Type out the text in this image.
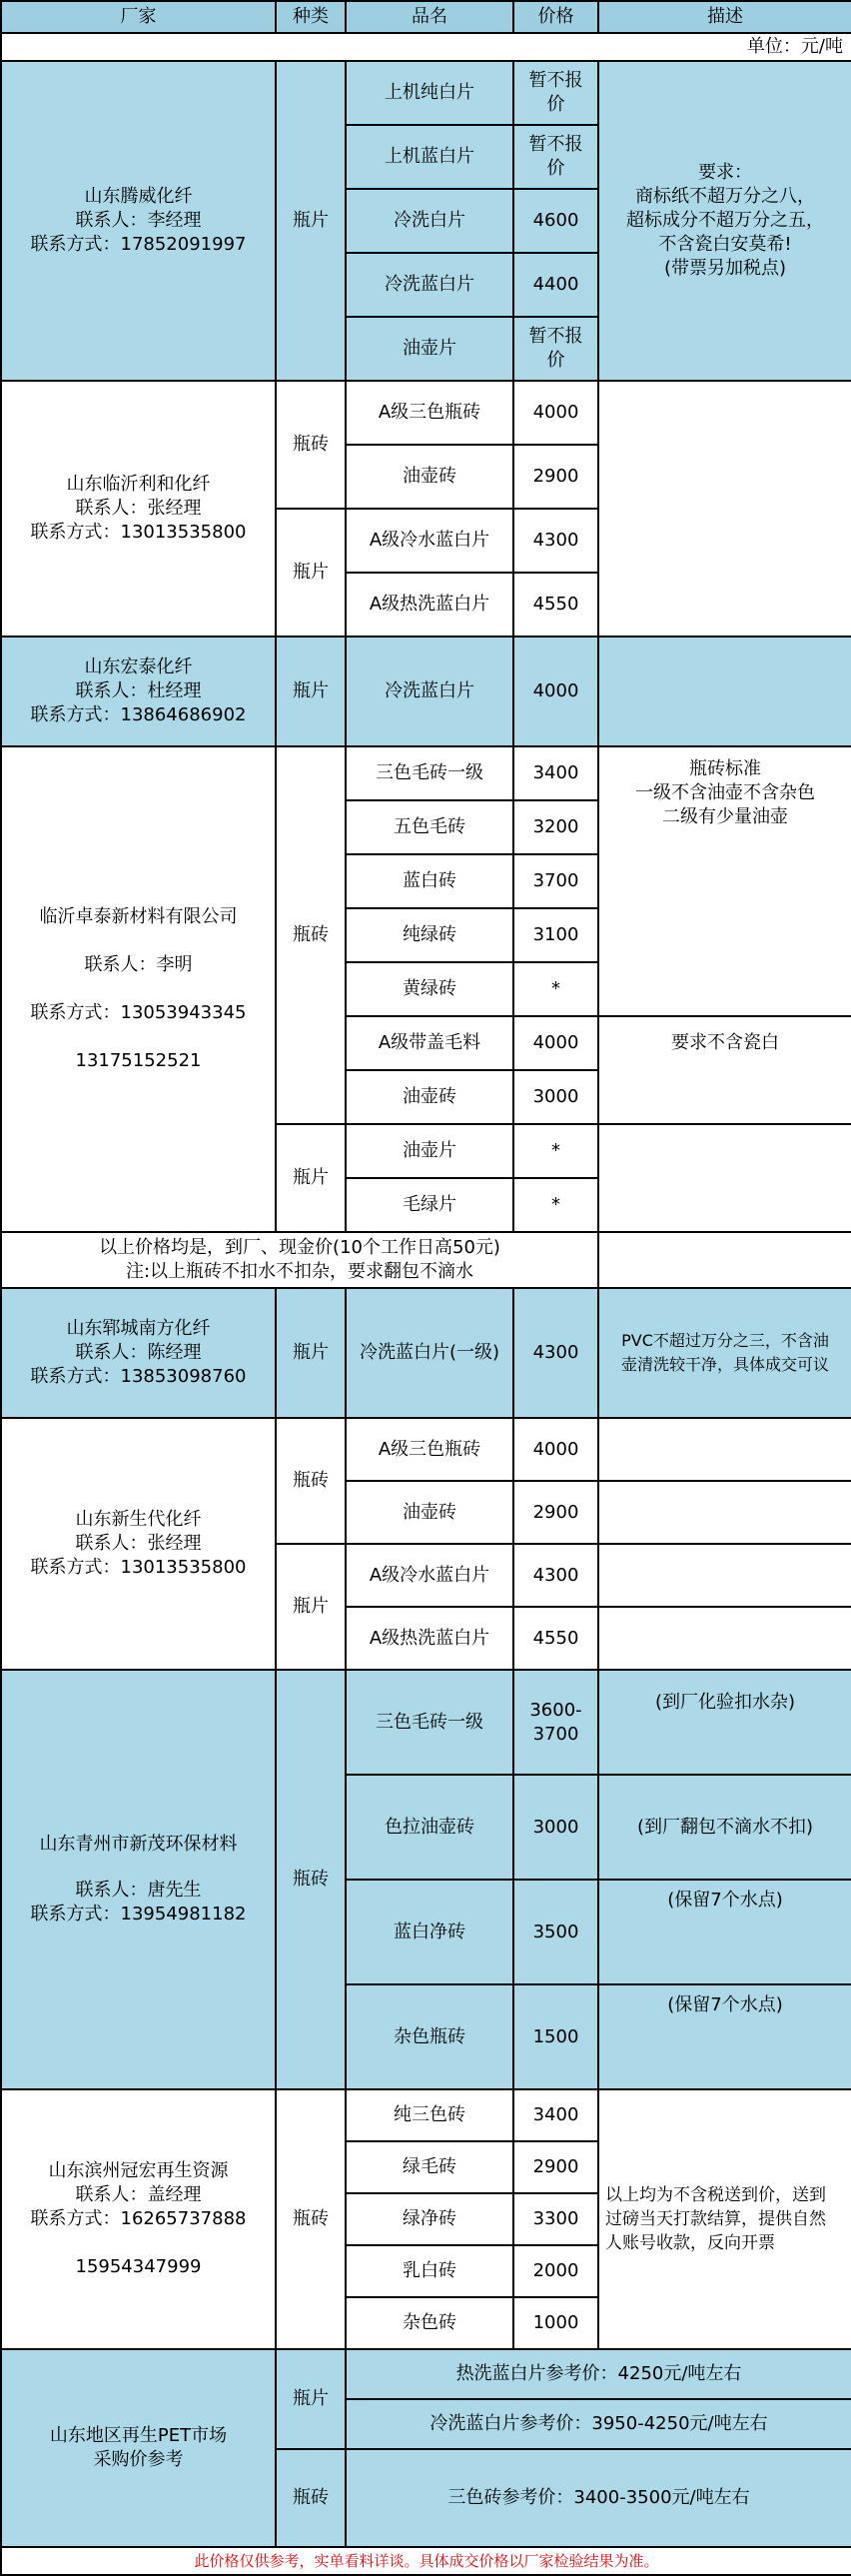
厂家	种类	品名	价格	描述
单位：元/吨				

山东腾威化纤
联系人：李经理
联系方式：17852091997	瓶片	上机纯白片	暂不报价	要求：
商标纸不超万分之八，
超标成分不超万分之五，
不含瓷白安莫希!
(带票另加税点)
		上机蓝白片	暂不报价	
		冷洗白片	4600	
		冷洗蓝白片	4400	
		油壶片	暂不报价	

山东临沂利和化纤
联系人：张经理
联系方式：13013535800	瓶砖	A级三色瓶砖	4000	
		油壶砖	2900	
	瓶片	A级冷水蓝白片	4300	
		A级热洗蓝白片	4550	

山东宏泰化纤
联系人：杜经理
联系方式：13864686902	瓶片	冷洗蓝白片	4000	

临沂卓泰新材料有限公司
联系人：李明
联系方式：13053943345
13175152521	瓶砖	三色毛砖一级	3400	瓶砖标准
一级不含油壶不含杂色
二级有少量油壶
		五色毛砖	3200	
		蓝白砖	3700	
		纯绿砖	3100	
		黄绿砖	*	
		A级带盖毛料	4000	要求不含瓷白
		油壶砖	3000	
	瓶片	油壶片	*	
		毛绿片	*	
以上价格均是，到厂、现金价(10个工作日高50元)
注:以上瓶砖不扣水不扣杂，要求翻包不滴水				

山东郓城南方化纤
联系人：陈经理
联系方式：13853098760	瓶片	冷洗蓝白片(一级)	4300	PVC不超过万分之三，不含油
壶清洗较干净，具体成交可议

山东新生代化纤
联系人：张经理
联系方式：13013535800	瓶砖	A级三色瓶砖	4000	
		油壶砖	2900	
	瓶片	A级冷水蓝白片	4300	
		A级热洗蓝白片	4550	

山东青州市新茂环保材料
联系人：唐先生
联系方式：13954981182	瓶砖	三色毛砖一级	3600-
3700	(到厂化验扣水杂)
		色拉油壶砖	3000	(到厂翻包不滴水不扣)
		蓝白净砖	3500	(保留7个水点)
		杂色瓶砖	1500	(保留7个水点)

山东滨州冠宏再生资源
联系人：盖经理
联系方式：16265737888
15954347999	瓶砖	纯三色砖	3400	以上均为不含税送到价，送到
过磅当天打款结算，提供自然
人账号收款，反向开票
		绿毛砖	2900	
		绿净砖	3300	
		乳白砖	2000	
		杂色砖	1000	
山东地区再生PET市场
采购价参考	瓶片	热洗蓝白片参考价：4250元/吨左右		
		冷洗蓝白片参考价：3950-4250元/吨左右		
	瓶砖	三色砖参考价：3400-3500元/吨左右		
此价格仅供参考，实单看料详谈。具体成交价格以厂家检验结果为准。				
